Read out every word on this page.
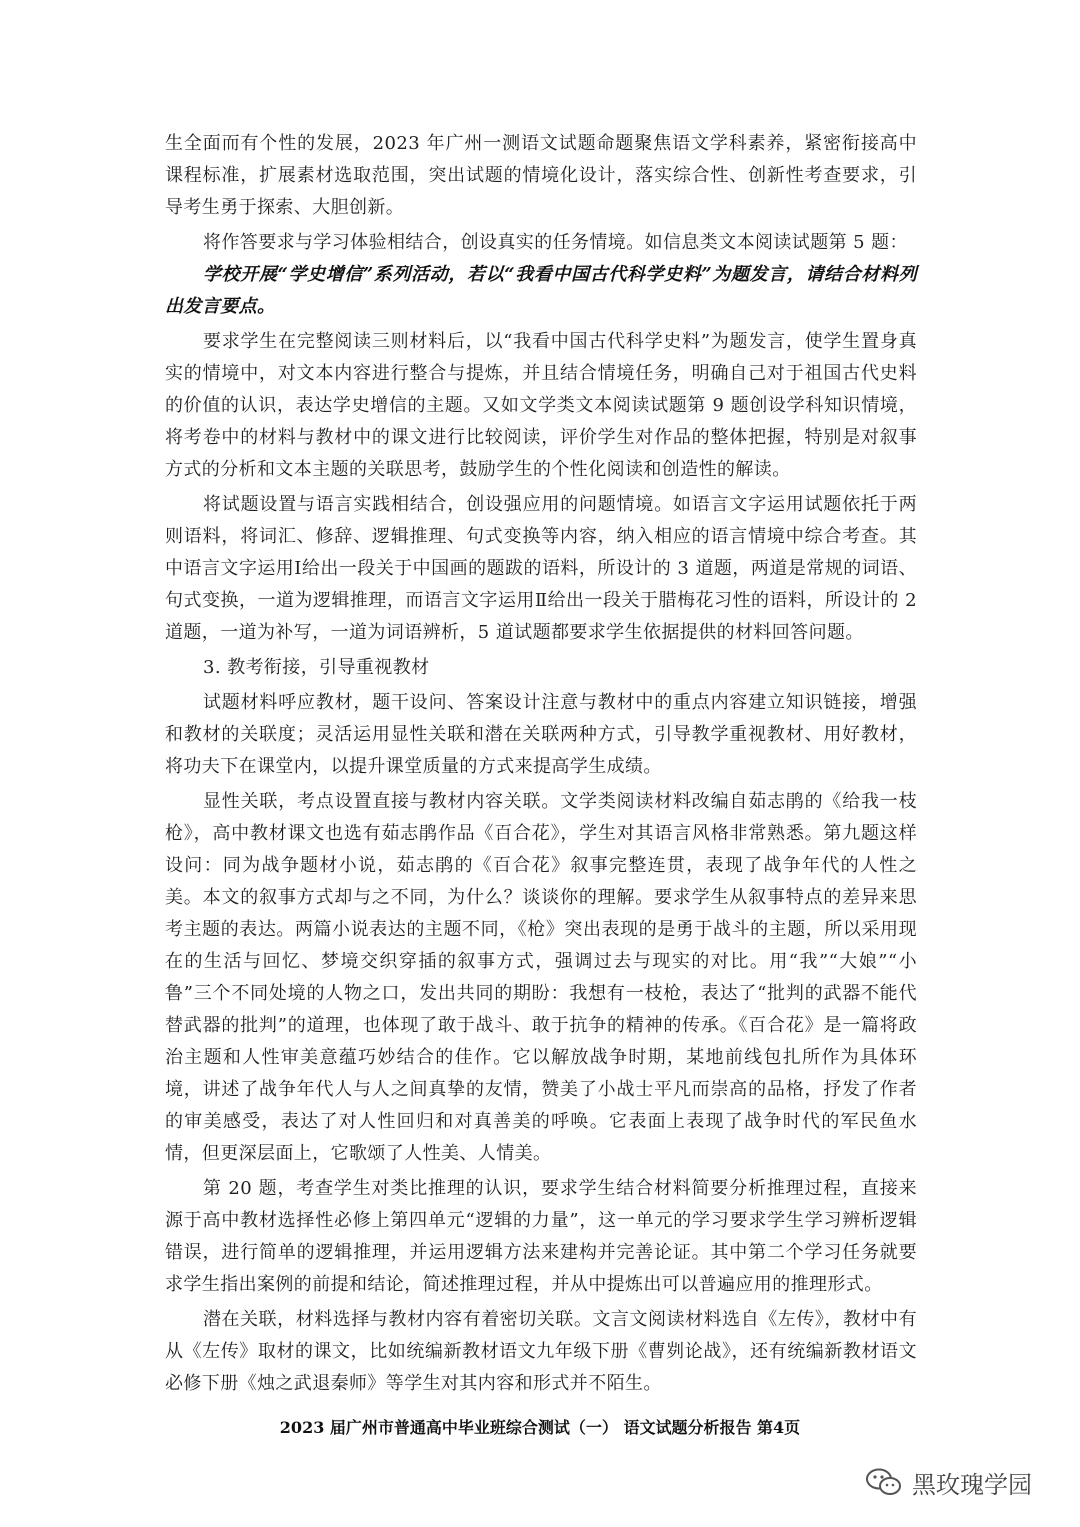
生全面而有个性的发展，2023 年广州一测语文试题命题聚焦语文学科素养，紧密衔接高中课程标准，扩展素材选取范围，突出试题的情境化设计，落实综合性、创新性考查要求，引导考生勇于探索、大胆创新。

将作答要求与学习体验相结合，创设真实的任务情境。如信息类文本阅读试题第 5 题：

学校开展“学史增信”系列活动，若以“我看中国古代科学史料”为题发言，请结合材料列出发言要点。

要求学生在完整阅读三则材料后，以“我看中国古代科学史料”为题发言，使学生置身真实的情境中，对文本内容进行整合与提炼，并且结合情境任务，明确自己对于祖国古代史料的价值的认识，表达学史增信的主题。又如文学类文本阅读试题第 9 题创设学科知识情境，将考卷中的材料与教材中的课文进行比较阅读，评价学生对作品的整体把握，特别是对叙事方式的分析和文本主题的关联思考，鼓励学生的个性化阅读和创造性的解读。

将试题设置与语言实践相结合，创设强应用的问题情境。如语言文字运用试题依托于两则语料，将词汇、修辞、逻辑推理、句式变换等内容，纳入相应的语言情境中综合考查。其中语言文字运用Ⅰ给出一段关于中国画的题跋的语料，所设计的 3 道题，两道是常规的词语、句式变换，一道为逻辑推理，而语言文字运用Ⅱ给出一段关于腊梅花习性的语料，所设计的 2 道题，一道为补写，一道为词语辨析，5 道试题都要求学生依据提供的材料回答问题。

3. 教考衔接，引导重视教材

试题材料呼应教材，题干设问、答案设计注意与教材中的重点内容建立知识链接，增强和教材的关联度；灵活运用显性关联和潜在关联两种方式，引导教学重视教材、用好教材，将功夫下在课堂内，以提升课堂质量的方式来提高学生成绩。

显性关联，考点设置直接与教材内容关联。文学类阅读材料改编自茹志鹃的《给我一枝枪》，高中教材课文也选有茹志鹃作品《百合花》，学生对其语言风格非常熟悉。第九题这样设问：同为战争题材小说，茹志鹃的《百合花》叙事完整连贯，表现了战争年代的人性之美。本文的叙事方式却与之不同，为什么？谈谈你的理解。要求学生从叙事特点的差异来思考主题的表达。两篇小说表达的主题不同，《枪》突出表现的是勇于战斗的主题，所以采用现在的生活与回忆、梦境交织穿插的叙事方式，强调过去与现实的对比。用“我”“大娘”“小鲁”三个不同处境的人物之口，发出共同的期盼：我想有一枝枪，表达了“批判的武器不能代替武器的批判”的道理，也体现了敢于战斗、敢于抗争的精神的传承。《百合花》是一篇将政治主题和人性审美意蕴巧妙结合的佳作。它以解放战争时期，某地前线包扎所作为具体环境，讲述了战争年代人与人之间真挚的友情，赞美了小战士平凡而崇高的品格，抒发了作者的审美感受，表达了对人性回归和对真善美的呼唤。它表面上表现了战争时代的军民鱼水情，但更深层面上，它歌颂了人性美、人情美。

第 20 题，考查学生对类比推理的认识，要求学生结合材料简要分析推理过程，直接来源于高中教材选择性必修上第四单元“逻辑的力量”，这一单元的学习要求学生学习辨析逻辑错误，进行简单的逻辑推理，并运用逻辑方法来建构并完善论证。其中第二个学习任务就要求学生指出案例的前提和结论，简述推理过程，并从中提炼出可以普遍应用的推理形式。

潜在关联，材料选择与教材内容有着密切关联。文言文阅读材料选自《左传》，教材中有从《左传》取材的课文，比如统编新教材语文九年级下册《曹刿论战》，还有统编新教材语文必修下册《烛之武退秦师》等学生对其内容和形式并不陌生。

2023 届广州市普通高中毕业班综合测试（一） 语文试题分析报告 第4页
黑玫瑰学园
